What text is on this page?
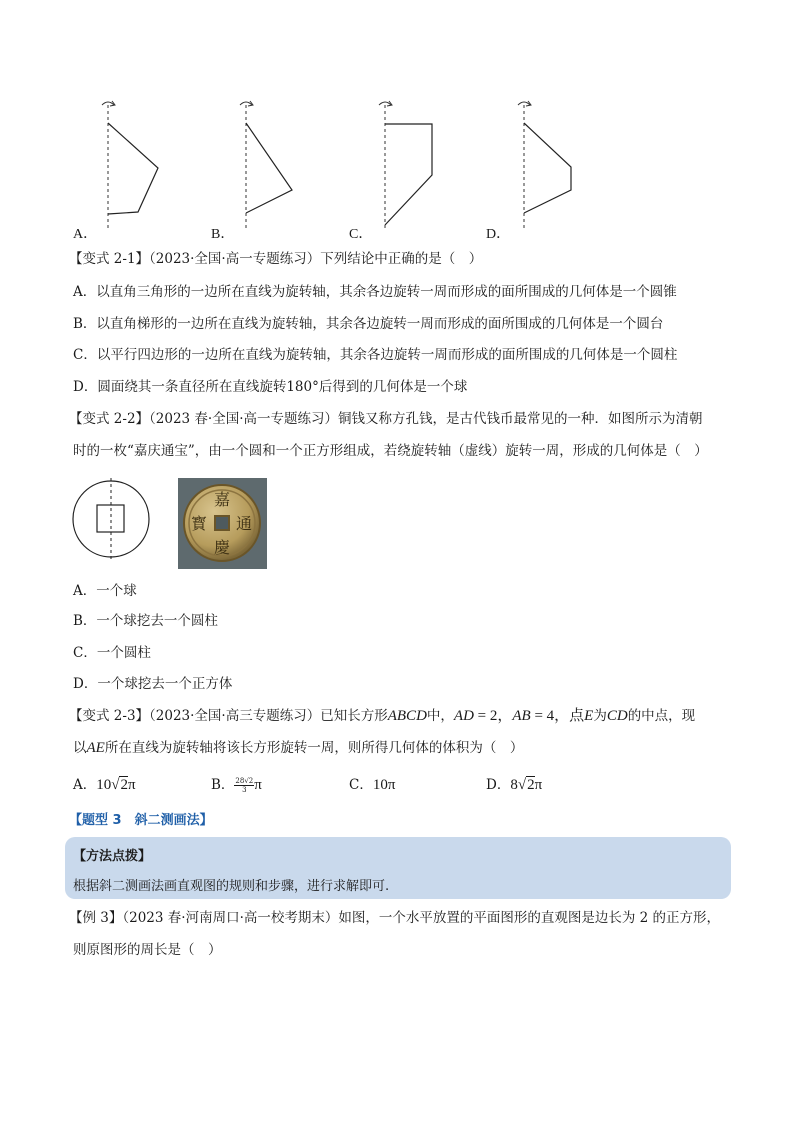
A．	B．	C．	D．
【变式 2-1】（2023·全国·高一专题练习）下列结论中正确的是（　）
A．以直角三角形的一边所在直线为旋转轴，其余各边旋转一周而形成的面所围成的几何体是一个圆锥
B．以直角梯形的一边所在直线为旋转轴，其余各边旋转一周而形成的面所围成的几何体是一个圆台
C．以平行四边形的一边所在直线为旋转轴，其余各边旋转一周而形成的面所围成的几何体是一个圆柱
D．圆面绕其一条直径所在直线旋转180°后得到的几何体是一个球
【变式 2-2】（2023 春·全国·高一专题练习）铜钱又称方孔钱，是古代钱币最常见的一种．如图所示为清朝
时的一枚“嘉庆通宝”，由一个圆和一个正方形组成，若绕旋转轴（虚线）旋转一周，形成的几何体是（　）
嘉
通
慶
寳
A．一个球
B．一个球挖去一个圆柱
C．一个圆柱
D．一个球挖去一个正方体
【变式 2-3】（2023·全国·高三专题练习）已知长方形ABCD中，AD = 2，AB = 4，点E为CD的中点，现
以AE所在直线为旋转轴将该长方形旋转一周，则所得几何体的体积为（　）
A．10√2π	B． $\frac{28√2}{3}$ π	C．10π	D．8√2π
【题型 3　斜二测画法】
【方法点拨】
根据斜二测画法画直观图的规则和步骤，进行求解即可.
【例 3】（2023 春·河南周口·高一校考期末）如图，一个水平放置的平面图形的直观图是边长为 2 的正方形，
则原图形的周长是（　）
